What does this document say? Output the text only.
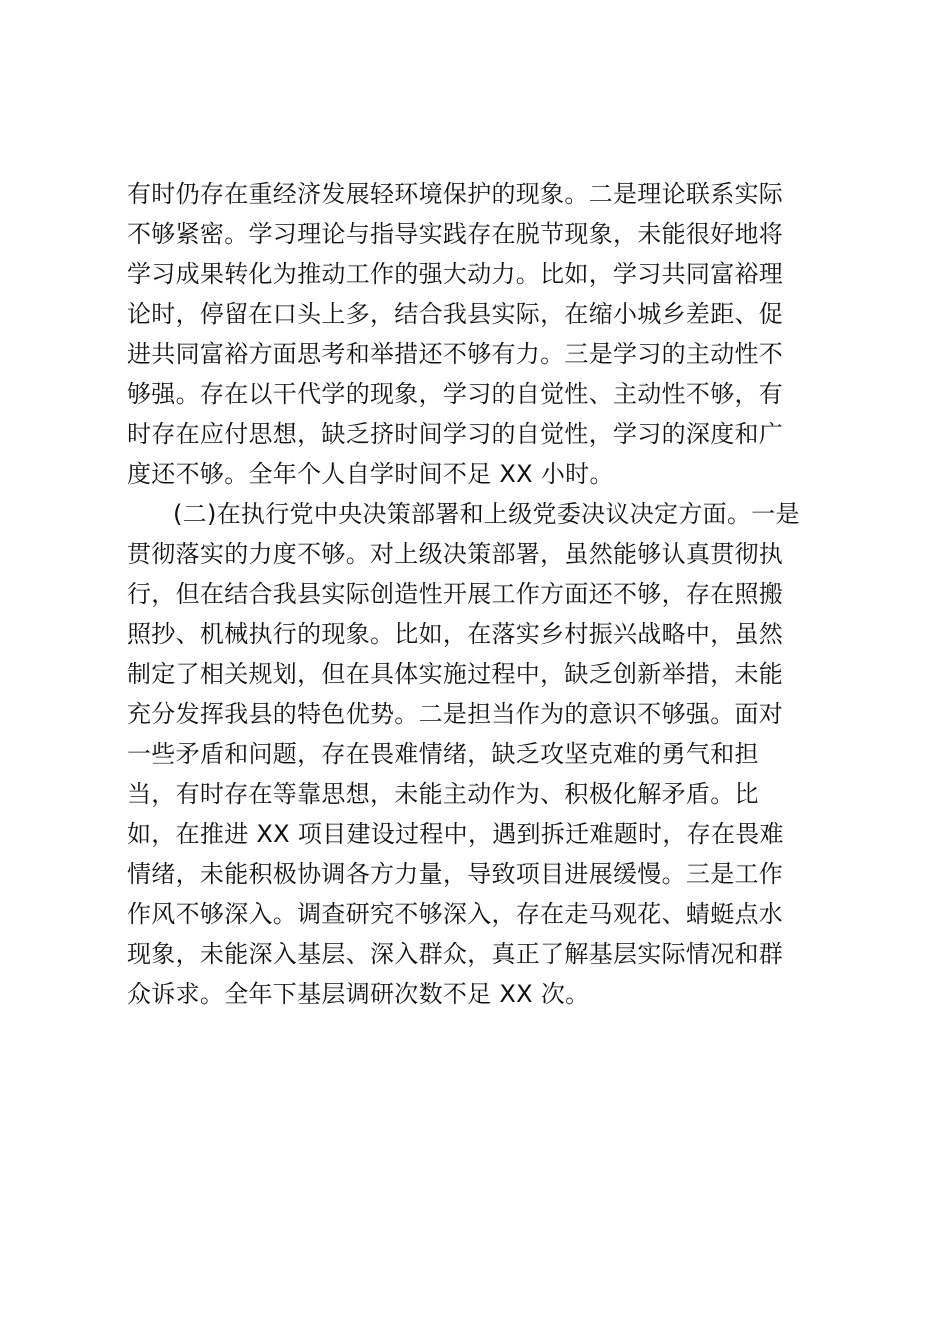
有时仍存在重经济发展轻环境保护的现象。二是理论联系实际
不够紧密。学习理论与指导实践存在脱节现象，未能很好地将
学习成果转化为推动工作的强大动力。比如，学习共同富裕理
论时，停留在口头上多，结合我县实际，在缩小城乡差距、促
进共同富裕方面思考和举措还不够有力。三是学习的主动性不
够强。存在以干代学的现象，学习的自觉性、主动性不够，有
时存在应付思想，缺乏挤时间学习的自觉性，学习的深度和广
度还不够。全年个人自学时间不足 XX 小时。
(二)在执行党中央决策部署和上级党委决议决定方面。一是
贯彻落实的力度不够。对上级决策部署，虽然能够认真贯彻执
行，但在结合我县实际创造性开展工作方面还不够，存在照搬
照抄、机械执行的现象。比如，在落实乡村振兴战略中，虽然
制定了相关规划，但在具体实施过程中，缺乏创新举措，未能
充分发挥我县的特色优势。二是担当作为的意识不够强。面对
一些矛盾和问题，存在畏难情绪，缺乏攻坚克难的勇气和担
当，有时存在等靠思想，未能主动作为、积极化解矛盾。比
如，在推进 XX 项目建设过程中，遇到拆迁难题时，存在畏难
情绪，未能积极协调各方力量，导致项目进展缓慢。三是工作
作风不够深入。调查研究不够深入，存在走马观花、蜻蜓点水
现象，未能深入基层、深入群众，真正了解基层实际情况和群
众诉求。全年下基层调研次数不足 XX 次。
